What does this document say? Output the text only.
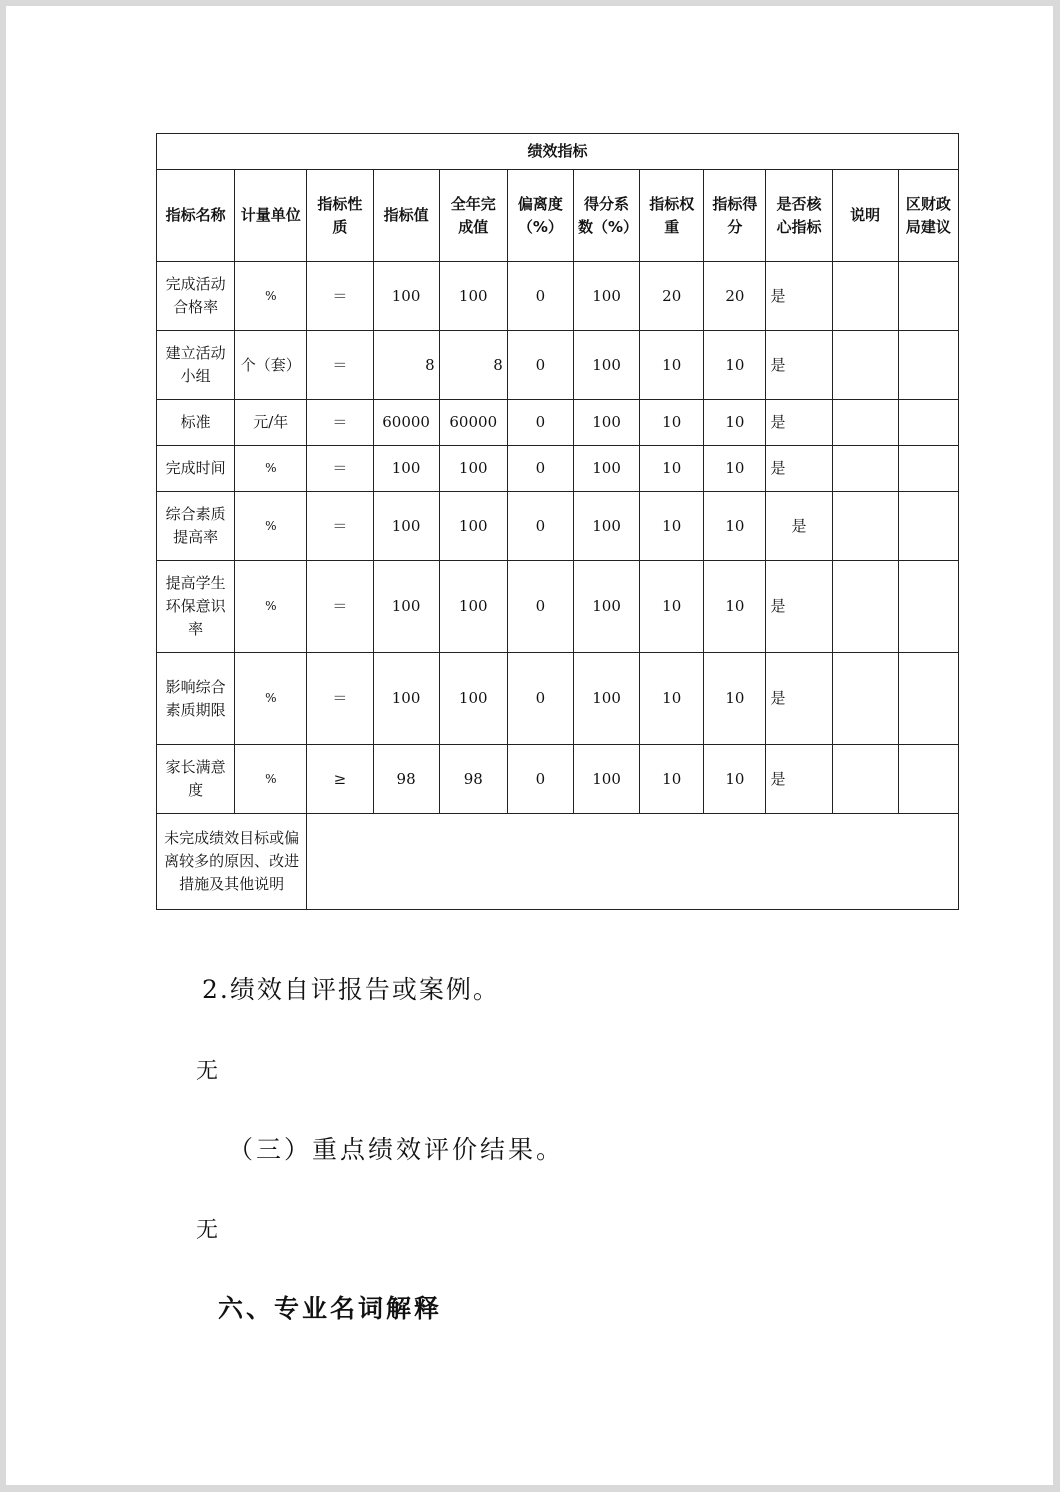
绩效指标											
指标名称	计量单位	指标性质	指标值	全年完成值	偏离度（%）	得分系数（%）	指标权重	指标得分	是否核心指标	说明	区财政局建议
完成活动合格率	%	＝	100	100	0	100	20	20	是		
建立活动小组	个（套）	＝	8	8	0	100	10	10	是		
标准	元/年	＝	60000	60000	0	100	10	10	是		
完成时间	%	＝	100	100	0	100	10	10	是		
综合素质提高率	%	＝	100	100	0	100	10	10	是		
提高学生环保意识率	%	＝	100	100	0	100	10	10	是		
影响综合素质期限	%	＝	100	100	0	100	10	10	是		
家长满意度	%	≥	98	98	0	100	10	10	是		
未完成绩效目标或偏离较多的原因、改进措施及其他说明											
2.绩效自评报告或案例。
无
（三）重点绩效评价结果。
无
六、专业名词解释
